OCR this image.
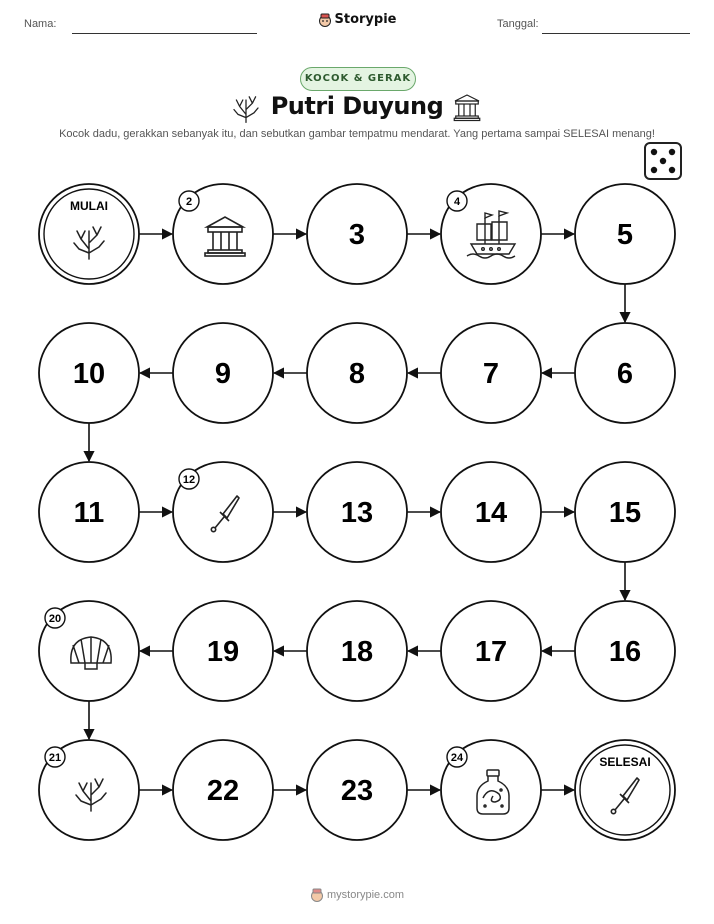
Nama:	Storypie	Tanggal:
KOCOK & GERAK
Putri Duyung
Kocok dadu, gerakkan sebanyak itu, dan sebutkan gambar tempatmu mendarat. Yang pertama sampai SELESAI menang!
MULAI	2
3
4
5
6
7
8
9
10
11
12
13	14	15
16
17
18
19
20
21
22	23
24	SELESAI
mystorypie.com
